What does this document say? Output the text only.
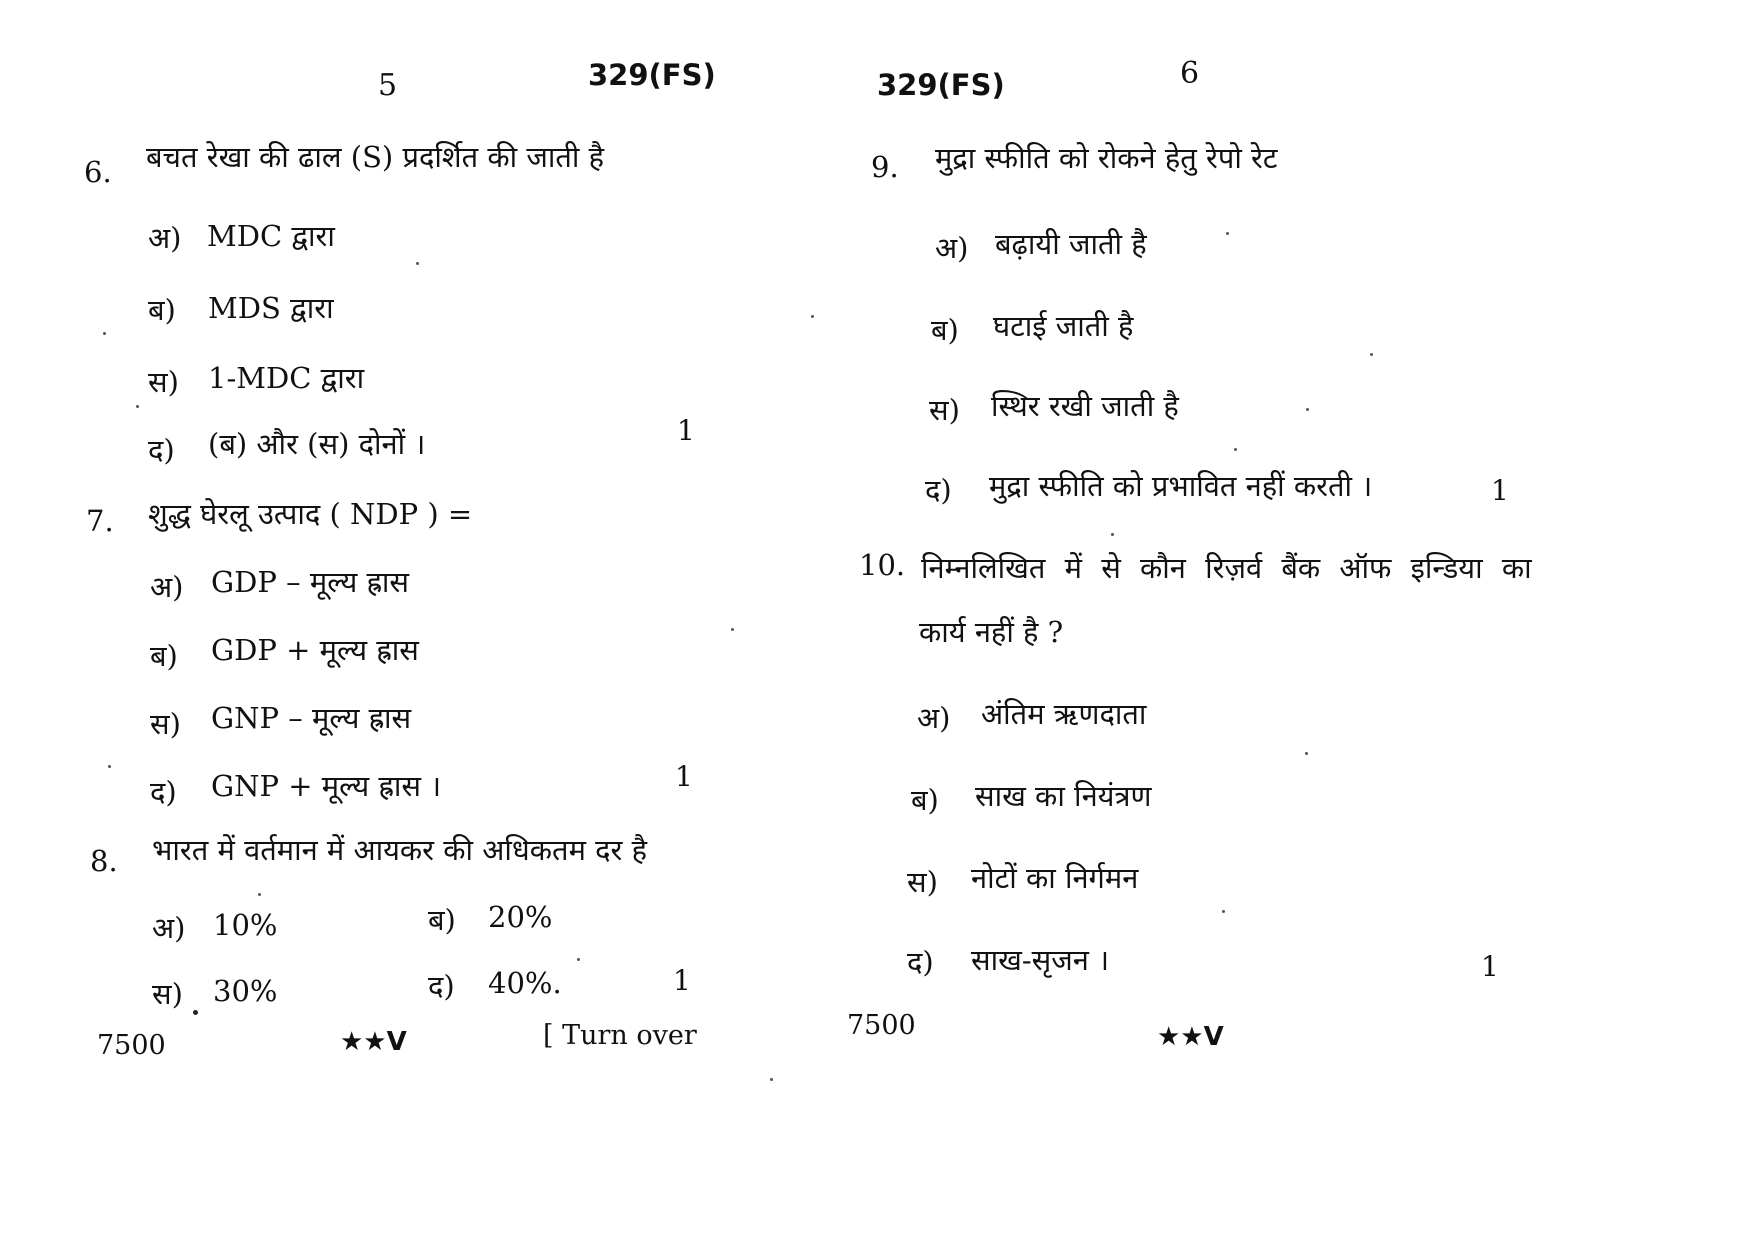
5	329(FS)
6. बचत रेखा की ढाल (S) प्रदर्शित की जाती है
अ) MDC द्वारा
ब) MDS द्वारा
स) 1-MDC द्वारा
द) (ब) और (स) दोनों ।	1
7. शुद्ध घेरलू उत्पाद ( NDP ) =
अ) GDP – मूल्य ह्रास
ब) GDP + मूल्य ह्रास
स) GNP – मूल्य ह्रास
द) GNP + मूल्य ह्रास ।	1
8. भारत में वर्तमान में आयकर की अधिकतम दर है
अ) 10%	ब) 20%
स) 30%	द) 40%.	1
7500	★★V	[ Turn over
329(FS)	6
9. मुद्रा स्फीति को रोकने हेतु रेपो रेट
अ) बढ़ायी जाती है
ब) घटाई जाती है
स) स्थिर रखी जाती है
द) मुद्रा स्फीति को प्रभावित नहीं करती ।	1
10. निम्नलिखित में से कौन रिज़र्व बैंक ऑफ इन्डिया का
कार्य नहीं है ?
अ) अंतिम ऋणदाता
ब) साख का नियंत्रण
स) नोटों का निर्गमन
द) साख-सृजन ।	1
7500	★★V
